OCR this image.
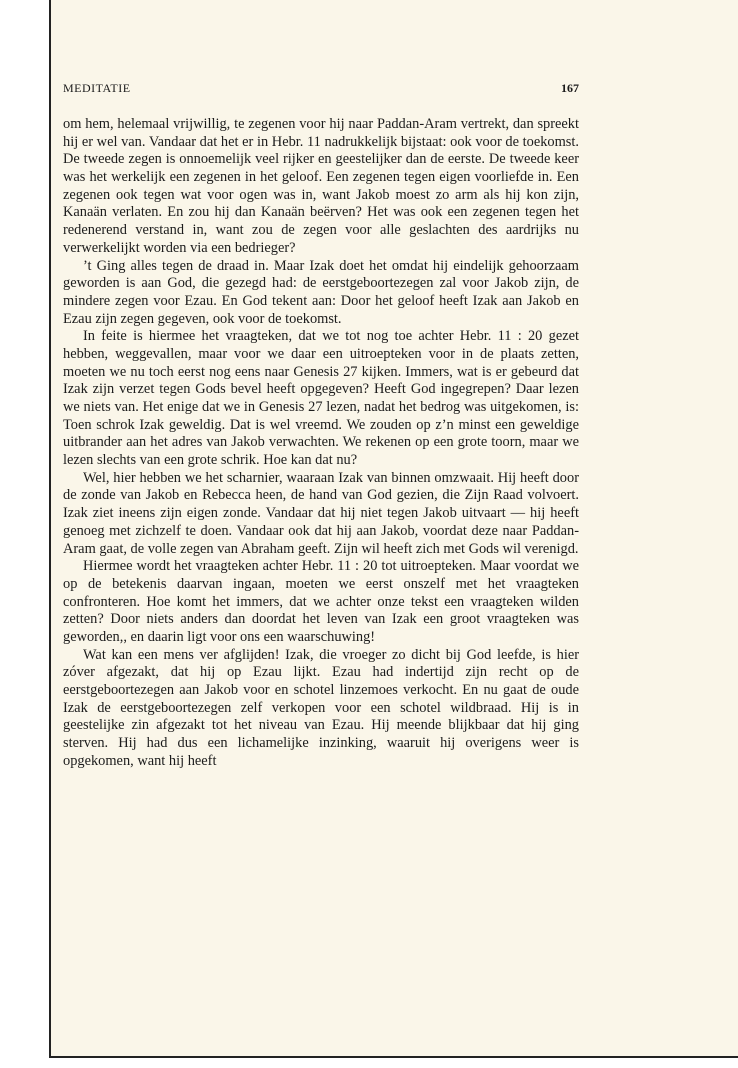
MEDITATIE	167

om hem, helemaal vrijwillig, te zegenen voor hij naar Paddan-Aram vertrekt, dan spreekt hij er wel van. Vandaar dat het er in Hebr. 11 nadrukkelijk bijstaat: ook voor de toekomst. De tweede zegen is onnoemelijk veel rijker en geestelijker dan de eerste. De tweede keer was het werkelijk een zegenen in het geloof. Een zegenen tegen eigen voorliefde in. Een zegenen ook tegen wat voor ogen was in, want Jakob moest zo arm als hij kon zijn, Kanaän verlaten. En zou hij dan Kanaän beërven? Het was ook een zegenen tegen het redenerend verstand in, want zou de zegen voor alle geslachten des aardrijks nu verwerkelijkt worden via een bedrieger?

’t Ging alles tegen de draad in. Maar Izak doet het omdat hij eindelijk gehoorzaam geworden is aan God, die gezegd had: de eerstgeboortezegen zal voor Jakob zijn, de mindere zegen voor Ezau. En God tekent aan: Door het geloof heeft Izak aan Jakob en Ezau zijn zegen gegeven, ook voor de toekomst.

In feite is hiermee het vraagteken, dat we tot nog toe achter Hebr. 11 : 20 gezet hebben, weggevallen, maar voor we daar een uitroepteken voor in de plaats zetten, moeten we nu toch eerst nog eens naar Genesis 27 kijken. Immers, wat is er gebeurd dat Izak zijn verzet tegen Gods bevel heeft opgegeven? Heeft God ingegrepen? Daar lezen we niets van. Het enige dat we in Genesis 27 lezen, nadat het bedrog was uitgekomen, is: Toen schrok Izak geweldig. Dat is wel vreemd. We zouden op z’n minst een geweldige uitbrander aan het adres van Jakob verwachten. We rekenen op een grote toorn, maar we lezen slechts van een grote schrik. Hoe kan dat nu?

Wel, hier hebben we het scharnier, waaraan Izak van binnen omzwaait. Hij heeft door de zonde van Jakob en Rebecca heen, de hand van God gezien, die Zijn Raad volvoert. Izak ziet ineens zijn eigen zonde. Vandaar dat hij niet tegen Jakob uitvaart — hij heeft genoeg met zichzelf te doen. Vandaar ook dat hij aan Jakob, voordat deze naar Paddan-Aram gaat, de volle zegen van Abraham geeft. Zijn wil heeft zich met Gods wil verenigd.

Hiermee wordt het vraagteken achter Hebr. 11 : 20 tot uitroepteken. Maar voordat we op de betekenis daarvan ingaan, moeten we eerst onszelf met het vraagteken confronteren. Hoe komt het immers, dat we achter onze tekst een vraagteken wilden zetten? Door niets anders dan doordat het leven van Izak een groot vraagteken was geworden,, en daarin ligt voor ons een waarschuwing!

Wat kan een mens ver afglijden! Izak, die vroeger zo dicht bij God leefde, is hier zóver afgezakt, dat hij op Ezau lijkt. Ezau had indertijd zijn recht op de eerstgeboortezegen aan Jakob voor en schotel linzemoes verkocht. En nu gaat de oude Izak de eerstgeboortezegen zelf verkopen voor een schotel wildbraad. Hij is in geestelijke zin afgezakt tot het niveau van Ezau. Hij meende blijkbaar dat hij ging sterven. Hij had dus een lichamelijke inzinking, waaruit hij overigens weer is opgekomen, want hij heeft
